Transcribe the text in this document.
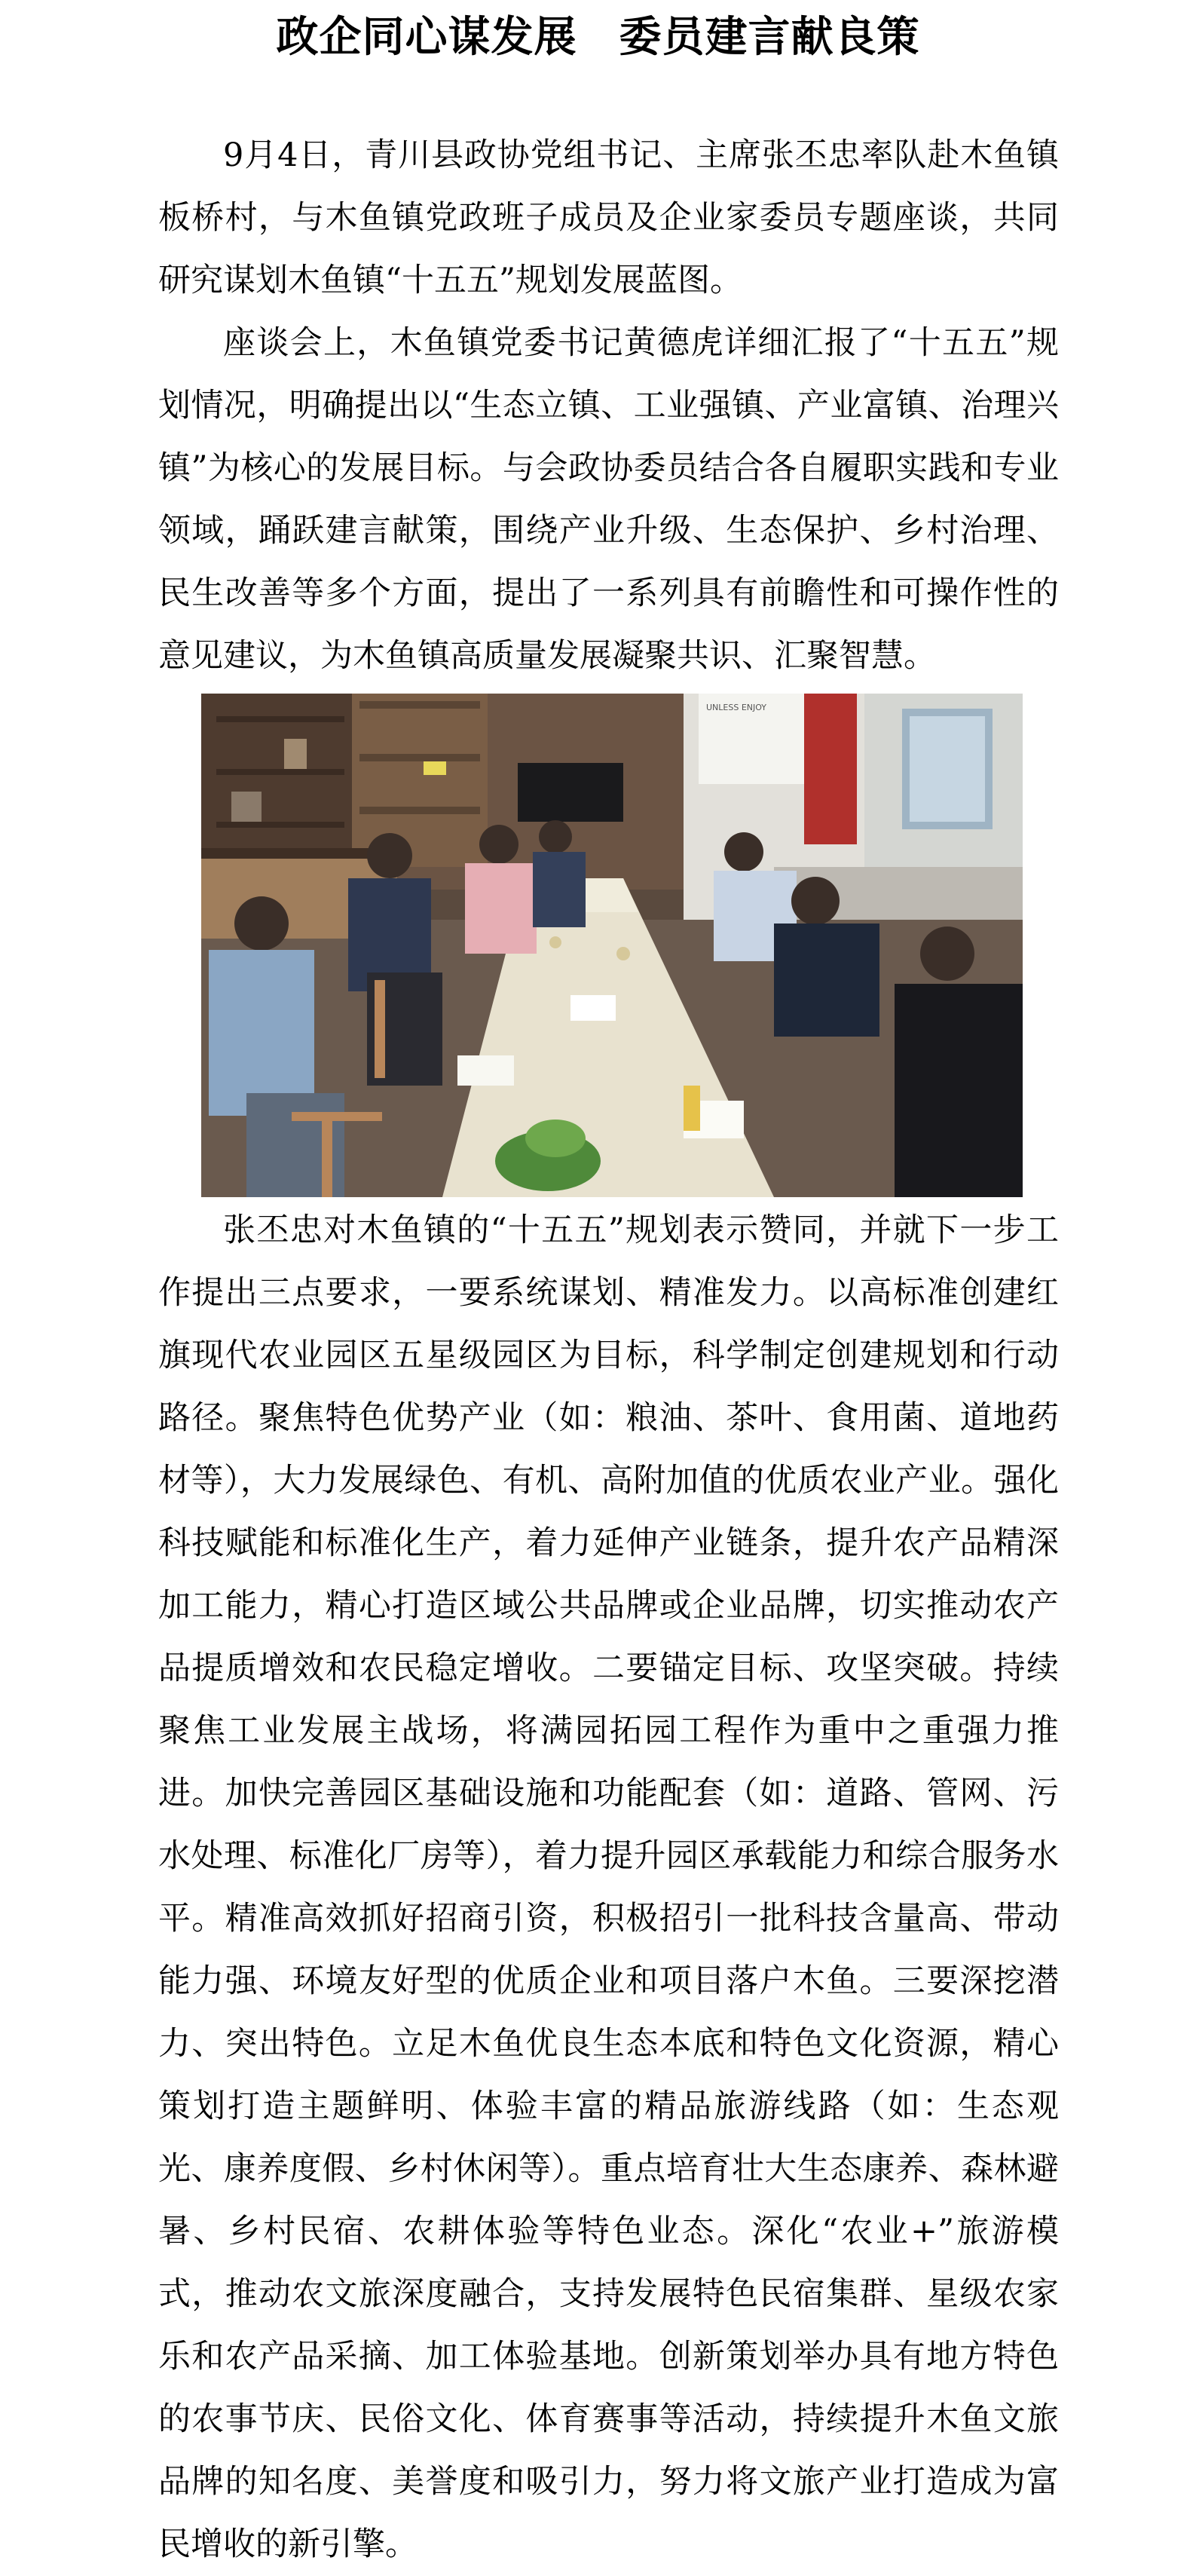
政企同心谋发展 委员建言献良策

9月4日，青川县政协党组书记、主席张丕忠率队赴木鱼镇板桥村，与木鱼镇党政班子成员及企业家委员专题座谈，共同研究谋划木鱼镇“十五五”规划发展蓝图。

座谈会上，木鱼镇党委书记黄德虎详细汇报了“十五五”规划情况，明确提出以“生态立镇、工业强镇、产业富镇、治理兴镇”为核心的发展目标。与会政协委员结合各自履职实践和专业领域，踊跃建言献策，围绕产业升级、生态保护、乡村治理、民生改善等多个方面，提出了一系列具有前瞻性和可操作性的意见建议，为木鱼镇高质量发展凝聚共识、汇聚智慧。

UNLESS ENJOY

张丕忠对木鱼镇的“十五五”规划表示赞同，并就下一步工作提出三点要求，一要系统谋划、精准发力。以高标准创建红旗现代农业园区五星级园区为目标，科学制定创建规划和行动路径。聚焦特色优势产业（如：粮油、茶叶、食用菌、道地药材等），大力发展绿色、有机、高附加值的优质农业产业。强化科技赋能和标准化生产，着力延伸产业链条，提升农产品精深加工能力，精心打造区域公共品牌或企业品牌，切实推动农产品提质增效和农民稳定增收。二要锚定目标、攻坚突破。持续聚焦工业发展主战场，将满园拓园工程作为重中之重强力推进。加快完善园区基础设施和功能配套（如：道路、管网、污水处理、标准化厂房等），着力提升园区承载能力和综合服务水平。精准高效抓好招商引资，积极招引一批科技含量高、带动能力强、环境友好型的优质企业和项目落户木鱼。三要深挖潜力、突出特色。立足木鱼优良生态本底和特色文化资源，精心策划打造主题鲜明、体验丰富的精品旅游线路（如：生态观光、康养度假、乡村休闲等）。重点培育壮大生态康养、森林避暑、乡村民宿、农耕体验等特色业态。深化“农业+”旅游模式，推动农文旅深度融合，支持发展特色民宿集群、星级农家乐和农产品采摘、加工体验基地。创新策划举办具有地方特色的农事节庆、民俗文化、体育赛事等活动，持续提升木鱼文旅品牌的知名度、美誉度和吸引力，努力将文旅产业打造成为富民增收的新引擎。
